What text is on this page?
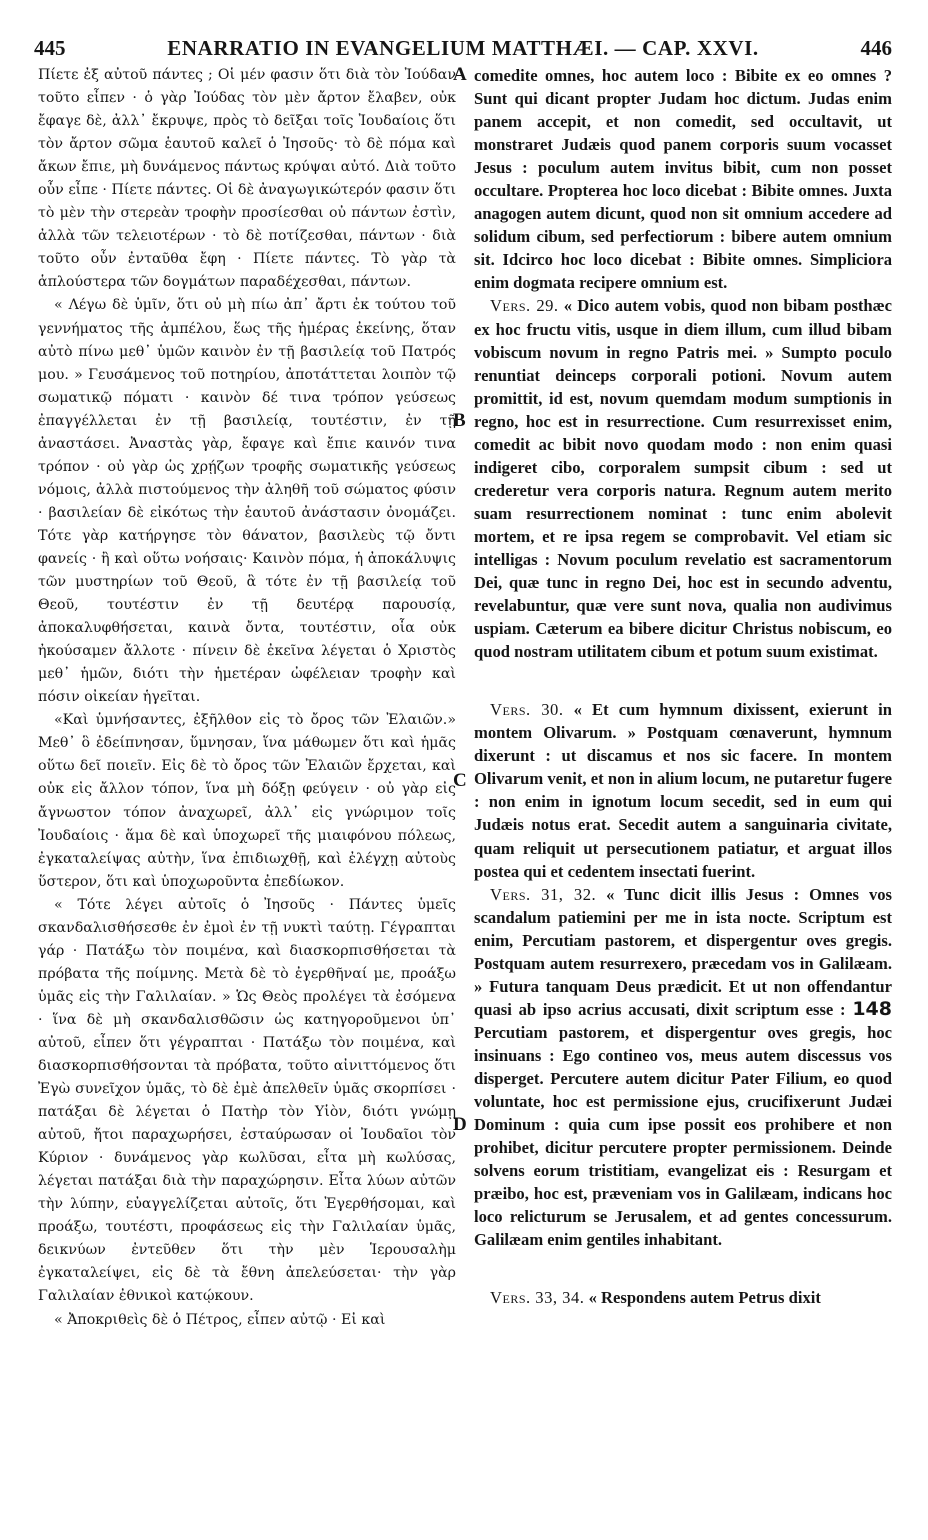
445	ENARRATIO IN EVANGELIUM MATTHÆI. — CAP. XXVI.	446
A
B
C
D

Πίετε ἐξ αὐτοῦ πάντες ; Οἱ μέν φασιν ὅτι διὰ τὸν Ἰούδαν τοῦτο εἶπεν · ὁ γὰρ Ἰούδας τὸν μὲν ἄρτον ἔλαβεν, οὐκ ἔφαγε δὲ, ἀλλ᾽ ἔκρυψε, πρὸς τὸ δεῖξαι τοῖς Ἰουδαίοις ὅτι τὸν ἄρτον σῶμα ἑαυτοῦ καλεῖ ὁ Ἰησοῦς· τὸ δὲ πόμα καὶ ἄκων ἔπιε, μὴ δυνάμενος πάντως κρύψαι αὐτό. Διὰ τοῦτο οὖν εἶπε · Πίετε πάντες. Οἱ δὲ ἀναγωγικώτερόν φασιν ὅτι τὸ μὲν τὴν στερεὰν τροφὴν προσίεσθαι οὐ πάντων ἐστὶν, ἀλλὰ τῶν τελειοτέρων · τὸ δὲ ποτίζεσθαι, πάντων · διὰ τοῦτο οὖν ἐνταῦθα ἔφη · Πίετε πάντες. Τὸ γὰρ τὰ ἁπλούστερα τῶν δογμάτων παραδέχεσθαι, πάντων.

« Λέγω δὲ ὑμῖν, ὅτι οὐ μὴ πίω ἀπ᾽ ἄρτι ἐκ τούτου τοῦ γεννήματος τῆς ἀμπέλου, ἕως τῆς ἡμέρας ἐκείνης, ὅταν αὐτὸ πίνω μεθ᾽ ὑμῶν καινὸν ἐν τῇ βασιλείᾳ τοῦ Πατρός μου. » Γευσάμενος τοῦ ποτηρίου, ἀποτάττεται λοιπὸν τῷ σωματικῷ πόματι · καινὸν δέ τινα τρόπον γεύσεως ἐπαγγέλλεται ἐν τῇ βασιλείᾳ, τουτέστιν, ἐν τῇ ἀναστάσει. Ἀναστὰς γὰρ, ἔφαγε καὶ ἔπιε καινόν τινα τρόπον · οὐ γὰρ ὡς χρῄζων τροφῆς σωματικῆς γεύσεως νόμοις, ἀλλὰ πιστούμενος τὴν ἀληθῆ τοῦ σώματος φύσιν · βασιλείαν δὲ εἰκότως τὴν ἑαυτοῦ ἀνάστασιν ὀνομάζει. Τότε γὰρ κατήργησε τὸν θάνατον, βασιλεὺς τῷ ὄντι φανείς · ἢ καὶ οὕτω νοήσαις· Καινὸν πόμα, ἡ ἀποκάλυψις τῶν μυστηρίων τοῦ Θεοῦ, ἃ τότε ἐν τῇ βασιλείᾳ τοῦ Θεοῦ, τουτέστιν ἐν τῇ δευτέρᾳ παρουσίᾳ, ἀποκαλυφθήσεται, καινὰ ὄντα, τουτέστιν, οἷα οὐκ ἠκούσαμεν ἄλλοτε · πίνειν δὲ ἐκεῖνα λέγεται ὁ Χριστὸς μεθ᾽ ἡμῶν, διότι τὴν ἡμετέραν ὠφέλειαν τροφὴν καὶ πόσιν οἰκείαν ἡγεῖται.

«Καὶ ὑμνήσαντες, ἐξῆλθον εἰς τὸ ὄρος τῶν Ἐλαιῶν.» Μεθ᾽ ὃ ἐδείπνησαν, ὕμνησαν, ἵνα μάθωμεν ὅτι καὶ ἡμᾶς οὕτω δεῖ ποιεῖν. Εἰς δὲ τὸ ὄρος τῶν Ἐλαιῶν ἔρχεται, καὶ οὐκ εἰς ἄλλον τόπον, ἵνα μὴ δόξῃ φεύγειν · οὐ γὰρ εἰς ἄγνωστον τόπον ἀναχωρεῖ, ἀλλ᾽ εἰς γνώριμον τοῖς Ἰουδαίοις · ἅμα δὲ καὶ ὑποχωρεῖ τῆς μιαιφόνου πόλεως, ἐγκαταλείψας αὐτὴν, ἵνα ἐπιδιωχθῇ, καὶ ἐλέγχῃ αὐτοὺς ὕστερον, ὅτι καὶ ὑποχωροῦντα ἐπεδίωκον.

« Τότε λέγει αὐτοῖς ὁ Ἰησοῦς · Πάντες ὑμεῖς σκανδαλισθήσεσθε ἐν ἐμοὶ ἐν τῇ νυκτὶ ταύτῃ. Γέγραπται γάρ · Πατάξω τὸν ποιμένα, καὶ διασκορπισθήσεται τὰ πρόβατα τῆς ποίμνης. Μετὰ δὲ τὸ ἐγερθῆναί με, προάξω ὑμᾶς εἰς τὴν Γαλιλαίαν. » Ὡς Θεὸς προλέγει τὰ ἐσόμενα · ἵνα δὲ μὴ σκανδαλισθῶσιν ὡς κατηγοροῦμενοι ὑπ᾽ αὐτοῦ, εἶπεν ὅτι γέγραπται · Πατάξω τὸν ποιμένα, καὶ διασκορπισθήσονται τὰ πρόβατα, τοῦτο αἰνιττόμενος ὅτι Ἐγὼ συνεῖχον ὑμᾶς, τὸ δὲ ἐμὲ ἀπελθεῖν ὑμᾶς σκορπίσει · πατάξαι δὲ λέγεται ὁ Πατὴρ τὸν Υἱὸν, διότι γνώμῃ αὐτοῦ, ἤτοι παραχωρήσει, ἐσταύρωσαν οἱ Ἰουδαῖοι τὸν Κύριον · δυνάμενος γὰρ κωλῦσαι, εἶτα μὴ κωλύσας, λέγεται πατάξαι διὰ τὴν παραχώρησιν. Εἶτα λύων αὐτῶν τὴν λύπην, εὐαγγελίζεται αὐτοῖς, ὅτι Ἐγερθήσομαι, καὶ προάξω, τουτέστι, προφάσεως εἰς τὴν Γαλιλαίαν ὑμᾶς, δεικνύων ἐντεῦθεν ὅτι τὴν μὲν Ἱερουσαλὴμ ἐγκαταλείψει, εἰς δὲ τὰ ἔθνη ἀπελεύσεται· τὴν γὰρ Γαλιλαίαν ἐθνικοὶ κατῴκουν.

« Ἀποκριθεὶς δὲ ὁ Πέτρος, εἶπεν αὐτῷ · Εἰ καὶ

comedite omnes, hoc autem loco : Bibite ex eo omnes ? Sunt qui dicant propter Judam hoc dictum. Judas enim panem accepit, et non comedit, sed occultavit, ut monstraret Judæis quod panem corporis suum vocasset Jesus : poculum autem invitus bibit, cum non posset occultare. Propterea hoc loco dicebat : Bibite omnes. Juxta anagogen autem dicunt, quod non sit omnium accedere ad solidum cibum, sed perfectiorum : bibere autem omnium sit. Idcirco hoc loco dicebat : Bibite omnes. Simpliciora enim dogmata recipere omnium est.

Vers. 29. « Dico autem vobis, quod non bibam posthæc ex hoc fructu vitis, usque in diem illum, cum illud bibam vobiscum novum in regno Patris mei. » Sumpto poculo renuntiat deinceps corporali potioni. Novum autem promittit, id est, novum quemdam modum sumptionis in regno, hoc est in resurrectione. Cum resurrexisset enim, comedit ac bibit novo quodam modo : non enim quasi indigeret cibo, corporalem sumpsit cibum : sed ut crederetur vera corporis natura. Regnum autem merito suam resurrectionem nominat : tunc enim abolevit mortem, et re ipsa regem se comprobavit. Vel etiam sic intelligas : Novum poculum revelatio est sacramentorum Dei, quæ tunc in regno Dei, hoc est in secundo adventu, revelabuntur, quæ vere sunt nova, qualia non audivimus uspiam. Cæterum ea bibere dicitur Christus nobiscum, eo quod nostram utilitatem cibum et potum suum existimat.

Vers. 30. « Et cum hymnum dixissent, exierunt in montem Olivarum. » Postquam cœnaverunt, hymnum dixerunt : ut discamus et nos sic facere. In montem Olivarum venit, et non in alium locum, ne putaretur fugere : non enim in ignotum locum secedit, sed in eum qui Judæis notus erat. Secedit autem a sanguinaria civitate, quam reliquit ut persecutionem patiatur, et arguat illos postea qui et cedentem insectati fuerint.

Vers. 31, 32. « Tunc dicit illis Jesus : Omnes vos scandalum patiemini per me in ista nocte. Scriptum est enim, Percutiam pastorem, et dispergentur oves gregis. Postquam autem resurrexero, præcedam vos in Galilæam. » Futura tanquam Deus prædicit. Et ut non offendantur quasi ab ipso acrius accusati, dixit scriptum esse : 148 Percutiam pastorem, et dispergentur oves gregis, hoc insinuans : Ego contineo vos, meus autem discessus vos disperget. Percutere autem dicitur Pater Filium, eo quod voluntate, hoc est permissione ejus, crucifixerunt Judæi Dominum : quia cum ipse possit eos prohibere et non prohibet, dicitur percutere propter permissionem. Deinde solvens eorum tristitiam, evangelizat eis : Resurgam et præibo, hoc est, præveniam vos in Galilæam, indicans hoc loco relicturum se Jerusalem, et ad gentes concessurum. Galilæam enim gentiles inhabitant.

Vers. 33, 34. « Respondens autem Petrus dixit
